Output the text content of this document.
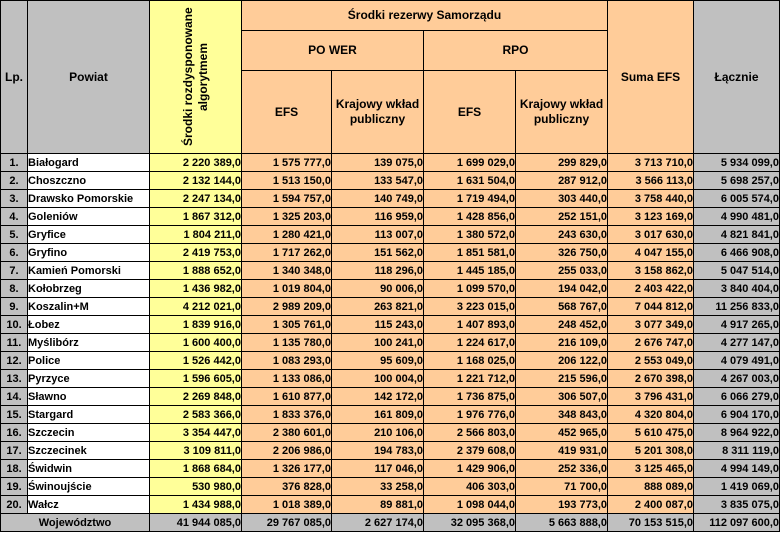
Lp.	Powiat	Środki rozdysponowane algorytmem	Środki rezerwy Samorządu				Suma EFS	Łącznie
			PO WER		RPO			
			EFS	Krajowy wkład publiczny	EFS	Krajowy wkład publiczny		
1.	Białogard	2 220 389,0	1 575 777,0	139 075,0	1 699 029,0	299 829,0	3 713 710,0	5 934 099,0
2.	Choszczno	2 132 144,0	1 513 150,0	133 547,0	1 631 504,0	287 912,0	3 566 113,0	5 698 257,0
3.	Drawsko Pomorskie	2 247 134,0	1 594 757,0	140 749,0	1 719 494,0	303 440,0	3 758 440,0	6 005 574,0
4.	Goleniów	1 867 312,0	1 325 203,0	116 959,0	1 428 856,0	252 151,0	3 123 169,0	4 990 481,0
5.	Gryfice	1 804 211,0	1 280 421,0	113 007,0	1 380 572,0	243 630,0	3 017 630,0	4 821 841,0
6.	Gryfino	2 419 753,0	1 717 262,0	151 562,0	1 851 581,0	326 750,0	4 047 155,0	6 466 908,0
7.	Kamień Pomorski	1 888 652,0	1 340 348,0	118 296,0	1 445 185,0	255 033,0	3 158 862,0	5 047 514,0
8.	Kołobrzeg	1 436 982,0	1 019 804,0	90 006,0	1 099 570,0	194 042,0	2 403 422,0	3 840 404,0
9.	Koszalin+M	4 212 021,0	2 989 209,0	263 821,0	3 223 015,0	568 767,0	7 044 812,0	11 256 833,0
10.	Łobez	1 839 916,0	1 305 761,0	115 243,0	1 407 893,0	248 452,0	3 077 349,0	4 917 265,0
11.	Myślibórz	1 600 400,0	1 135 780,0	100 241,0	1 224 617,0	216 109,0	2 676 747,0	4 277 147,0
12.	Police	1 526 442,0	1 083 293,0	95 609,0	1 168 025,0	206 122,0	2 553 049,0	4 079 491,0
13.	Pyrzyce	1 596 605,0	1 133 086,0	100 004,0	1 221 712,0	215 596,0	2 670 398,0	4 267 003,0
14.	Sławno	2 269 848,0	1 610 877,0	142 172,0	1 736 875,0	306 507,0	3 796 431,0	6 066 279,0
15.	Stargard	2 583 366,0	1 833 376,0	161 809,0	1 976 776,0	348 843,0	4 320 804,0	6 904 170,0
16.	Szczecin	3 354 447,0	2 380 601,0	210 106,0	2 566 803,0	452 965,0	5 610 475,0	8 964 922,0
17.	Szczecinek	3 109 811,0	2 206 986,0	194 783,0	2 379 608,0	419 931,0	5 201 308,0	8 311 119,0
18.	Świdwin	1 868 684,0	1 326 177,0	117 046,0	1 429 906,0	252 336,0	3 125 465,0	4 994 149,0
19.	Świnoujście	530 980,0	376 828,0	33 258,0	406 303,0	71 700,0	888 089,0	1 419 069,0
20.	Wałcz	1 434 988,0	1 018 389,0	89 881,0	1 098 044,0	193 773,0	2 400 087,0	3 835 075,0
Województwo		41 944 085,0	29 767 085,0	2 627 174,0	32 095 368,0	5 663 888,0	70 153 515,0	112 097 600,0
